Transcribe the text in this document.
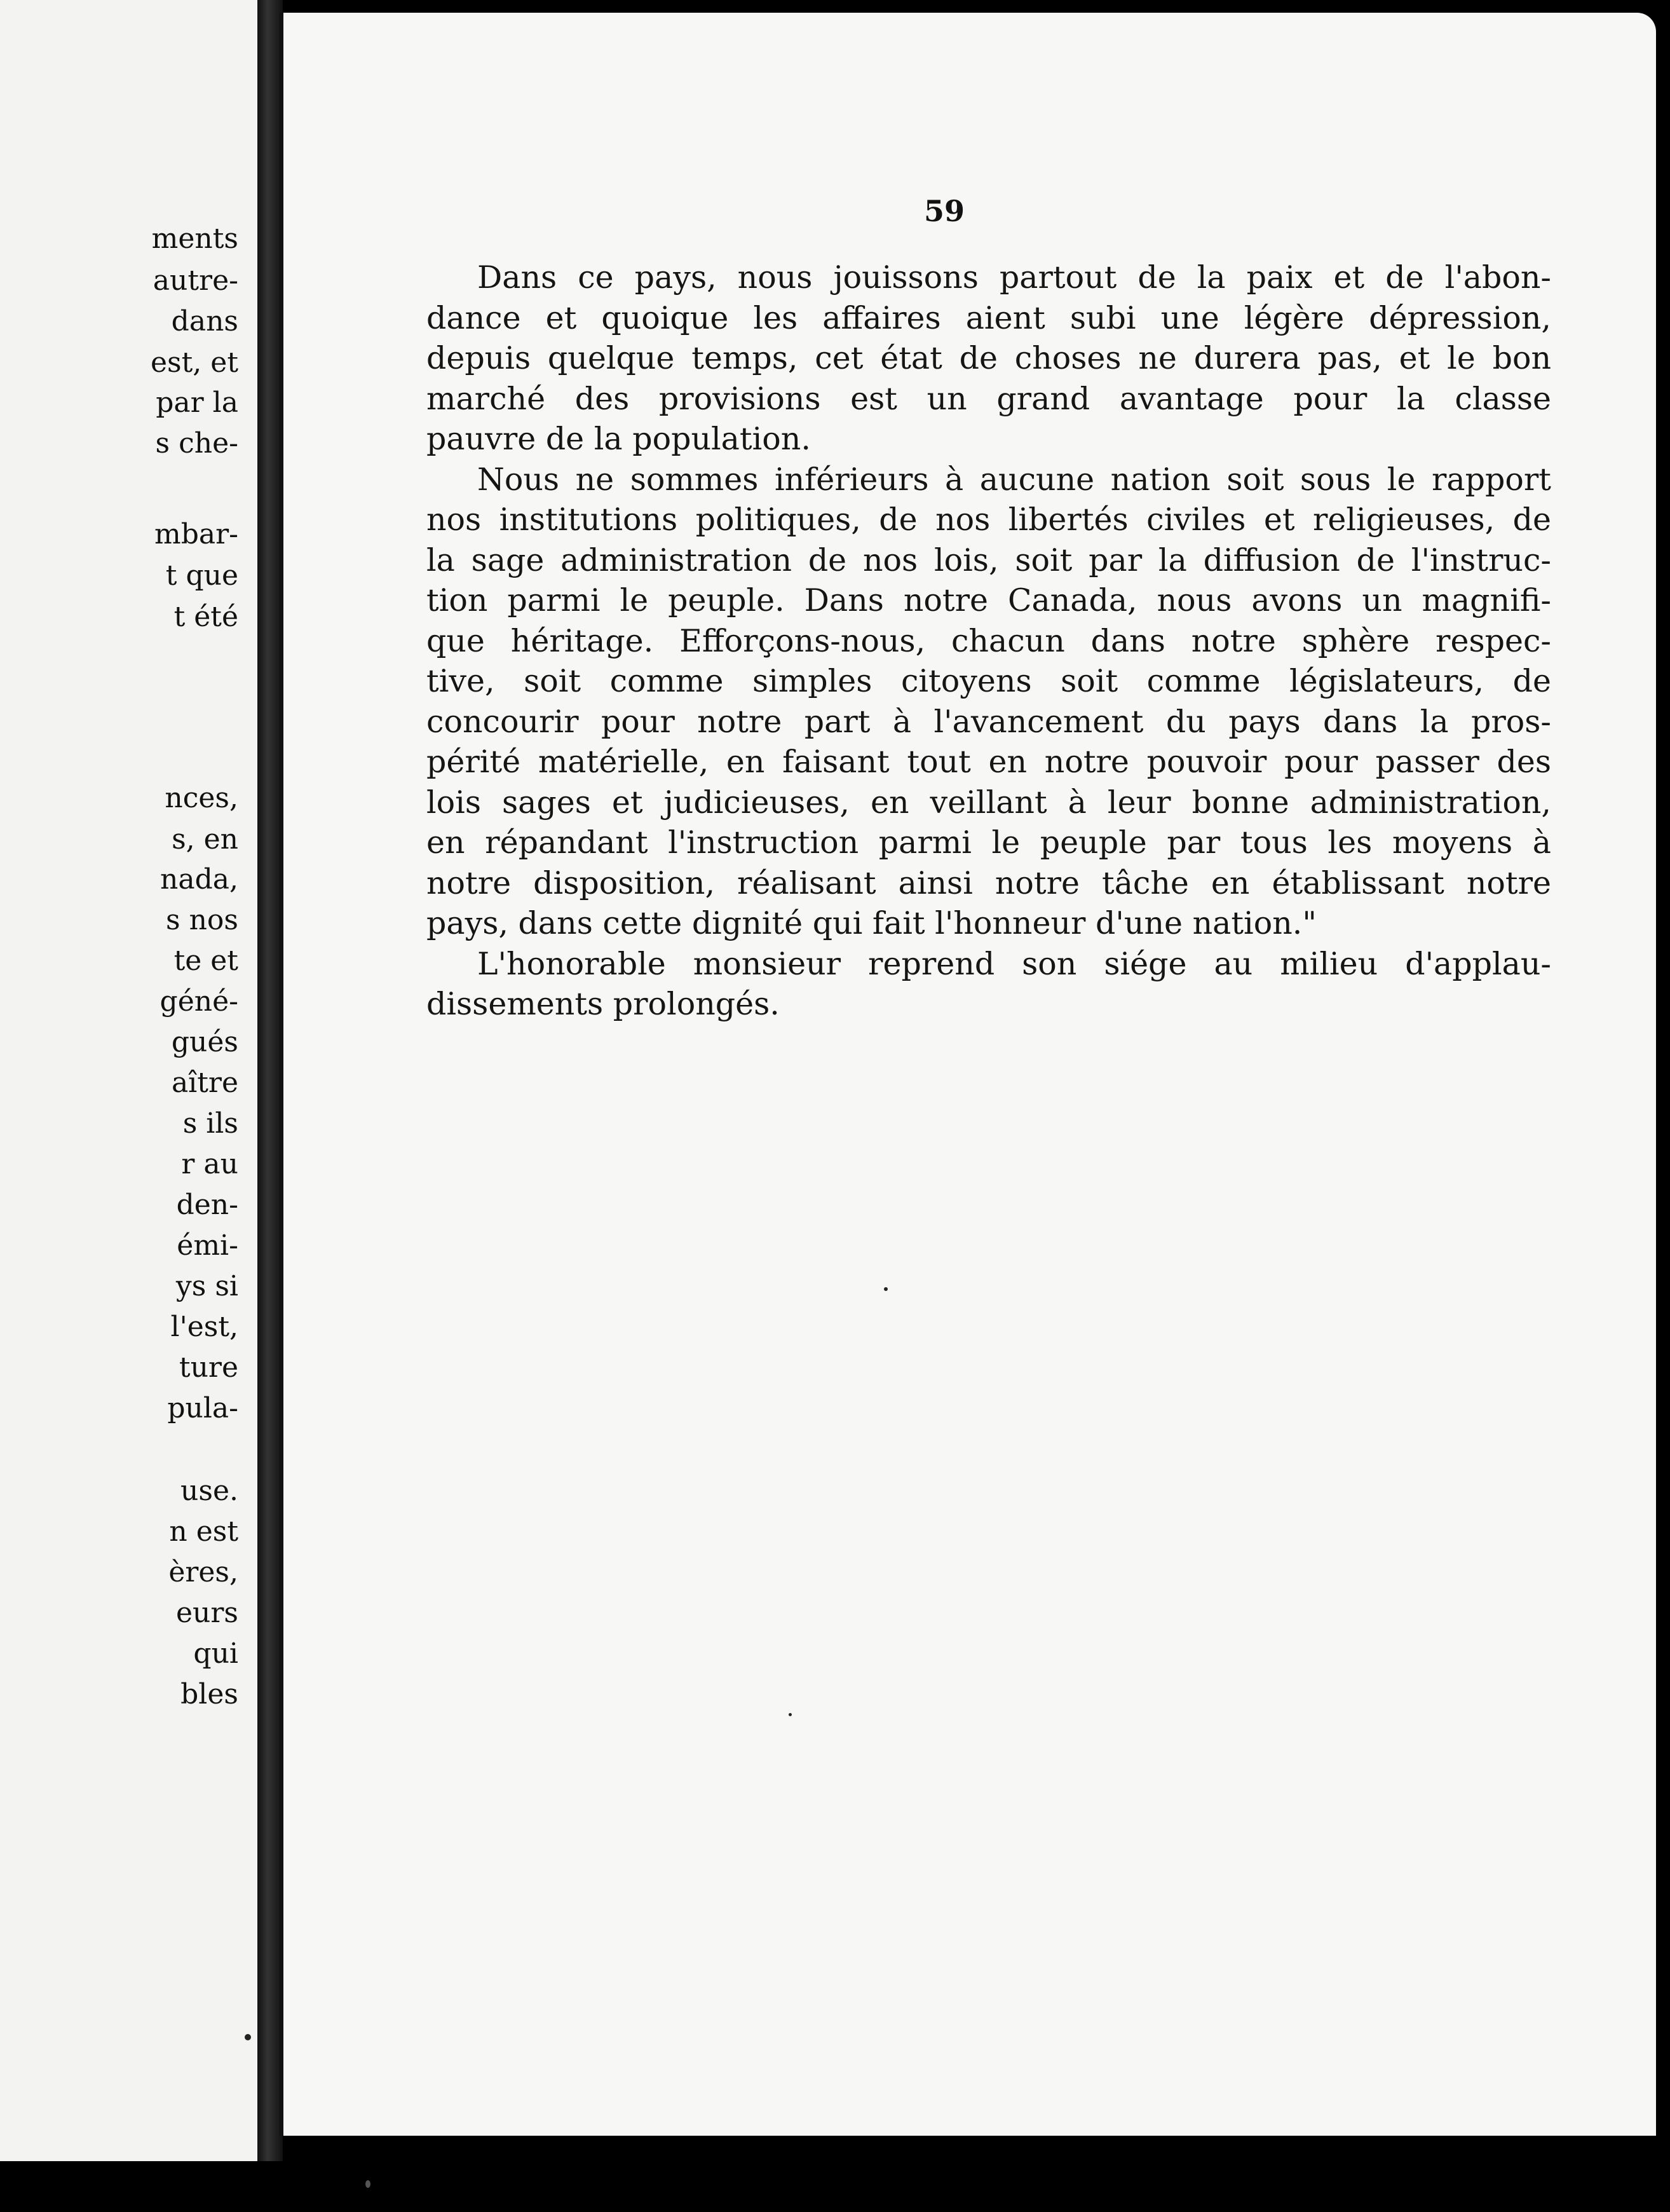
ments
autre-
dans
est, et
par la
s che-
mbar-
t que
t été
nces,
s, en
nada,
s nos
te et
géné-
gués
aître
s ils
r au
den-
émi-
ys si
l'est,
ture
pula-
use.
n est
ères,
eurs
qui
bles
59

Dans ce pays, nous jouissons partout de la paix et de l'abon-
dance et quoique les affaires aient subi une légère dépression,
depuis quelque temps, cet état de choses ne durera pas, et le bon
marché des provisions est un grand avantage pour la classe
pauvre de la population.

Nous ne sommes inférieurs à aucune nation soit sous le rapport
nos institutions politiques, de nos libertés civiles et religieuses, de
la sage administration de nos lois, soit par la diffusion de l'instruc-
tion parmi le peuple. Dans notre Canada, nous avons un magnifi-
que héritage. Efforçons-nous, chacun dans notre sphère respec-
tive, soit comme simples citoyens soit comme législateurs, de
concourir pour notre part à l'avancement du pays dans la pros-
périté matérielle, en faisant tout en notre pouvoir pour passer des
lois sages et judicieuses, en veillant à leur bonne administration,
en répandant l'instruction parmi le peuple par tous les moyens à
notre disposition, réalisant ainsi notre tâche en établissant notre
pays, dans cette dignité qui fait l'honneur d'une nation."

L'honorable monsieur reprend son siége au milieu d'applau-
dissements prolongés.
